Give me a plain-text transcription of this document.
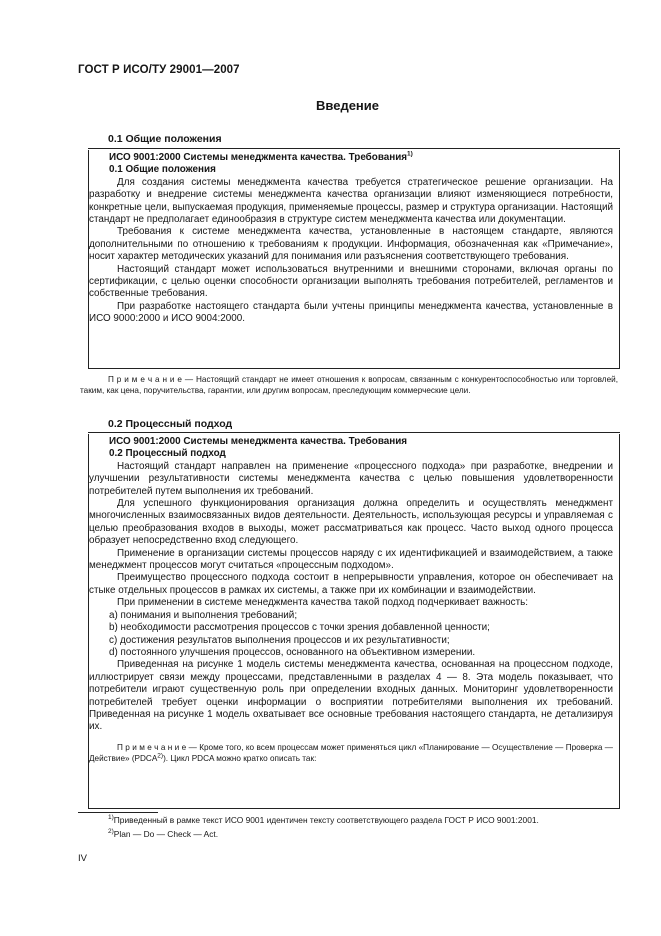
ГОСТ Р ИСО/ТУ 29001—2007
Введение
0.1 Общие положения

ИСО 9001:2000 Системы менеджмента качества. Требования$^{1)}$

0.1 Общие положения

Для создания системы менеджмента качества требуется стратегическое решение организации. На разработку и внедрение системы менеджмента качества организации влияют изменяющиеся потребности, конкретные цели, выпускаемая продукция, применяемые процессы, размер и структура организации. Настоящий стандарт не предполагает единообразия в структуре систем менеджмента качества или документации.

Требования к системе менеджмента качества, установленные в настоящем стандарте, являются дополнительными по отношению к требованиям к продукции. Информация, обозначенная как «Примечание», носит характер методических указаний для понимания или разъяснения соответствующего требования.

Настоящий стандарт может использоваться внутренними и внешними сторонами, включая органы по сертификации, с целью оценки способности организации выполнять требования потребителей, регламентов и собственные требования.

При разработке настоящего стандарта были учтены принципы менеджмента качества, установленные в ИСО 9000:2000 и ИСО 9004:2000.

П р и м е ч а н и е — Настоящий стандарт не имеет отношения к вопросам, связанным с конкурентоспособностью или торговлей, таким, как цена, поручительства, гарантии, или другим вопросам, преследующим коммерческие цели.
0.2 Процессный подход

ИСО 9001:2000 Системы менеджмента качества. Требования

0.2 Процессный подход

Настоящий стандарт направлен на применение «процессного подхода» при разработке, внедрении и улучшении результативности системы менеджмента качества с целью повышения удовлетворенности потребителей путем выполнения их требований.

Для успешного функционирования организация должна определить и осуществлять менеджмент многочисленных взаимосвязанных видов деятельности. Деятельность, использующая ресурсы и управляемая с целью преобразования входов в выходы, может рассматриваться как процесс. Часто выход одного процесса образует непосредственно вход следующего.

Применение в организации системы процессов наряду с их идентификацией и взаимодействием, а также менеджмент процессов могут считаться «процессным подходом».

Преимущество процессного подхода состоит в непрерывности управления, которое он обеспечивает на стыке отдельных процессов в рамках их системы, а также при их комбинации и взаимодействии.

При применении в системе менеджмента качества такой подход подчеркивает важность:

a) понимания и выполнения требований;

b) необходимости рассмотрения процессов с точки зрения добавленной ценности;

c) достижения результатов выполнения процессов и их результативности;

d) постоянного улучшения процессов, основанного на объективном измерении.

Приведенная на рисунке 1 модель системы менеджмента качества, основанная на процессном подходе, иллюстрирует связи между процессами, представленными в разделах 4 — 8. Эта модель показывает, что потребители играют существенную роль при определении входных данных. Мониторинг удовлетворенности потребителей требует оценки информации о восприятии потребителями выполнения их требований. Приведенная на рисунке 1 модель охватывает все основные требования настоящего стандарта, не детализируя их.

П р и м е ч а н и е — Кроме того, ко всем процессам может применяться цикл «Планирование — Осуществление — Проверка — Действие» (PDCA$^{2)}$). Цикл PDCA можно кратко описать так:

$^{1)}$Приведенный в рамке текст ИСО 9001 идентичен тексту соответствующего раздела ГОСТ Р ИСО 9001:2001.
$^{2)}$Plan — Do — Check — Act.
IV
